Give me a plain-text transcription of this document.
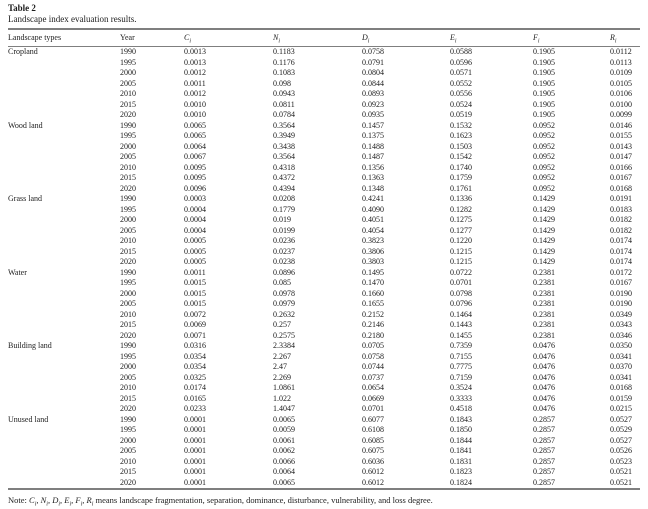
Table 2
Landscape index evaluation results.
Landscape types	Year	$C_i$	$N_i$	$D_i$	$E_i$	$F_i$	$R_i$
Cropland	1990	0.0013	0.1183	0.0758	0.0588	0.1905	0.0112
	1995	0.0013	0.1176	0.0791	0.0596	0.1905	0.0113
	2000	0.0012	0.1083	0.0804	0.0571	0.1905	0.0109
	2005	0.0011	0.098	0.0844	0.0552	0.1905	0.0105
	2010	0.0012	0.0943	0.0893	0.0556	0.1905	0.0106
	2015	0.0010	0.0811	0.0923	0.0524	0.1905	0.0100
	2020	0.0010	0.0784	0.0935	0.0519	0.1905	0.0099
Wood land	1990	0.0065	0.3564	0.1457	0.1532	0.0952	0.0146
	1995	0.0065	0.3949	0.1375	0.1623	0.0952	0.0155
	2000	0.0064	0.3438	0.1488	0.1503	0.0952	0.0143
	2005	0.0067	0.3564	0.1487	0.1542	0.0952	0.0147
	2010	0.0095	0.4318	0.1356	0.1740	0.0952	0.0166
	2015	0.0095	0.4372	0.1363	0.1759	0.0952	0.0167
	2020	0.0096	0.4394	0.1348	0.1761	0.0952	0.0168
Grass land	1990	0.0003	0.0208	0.4241	0.1336	0.1429	0.0191
	1995	0.0004	0.1779	0.4090	0.1282	0.1429	0.0183
	2000	0.0004	0.019	0.4051	0.1275	0.1429	0.0182
	2005	0.0004	0.0199	0.4054	0.1277	0.1429	0.0182
	2010	0.0005	0.0236	0.3823	0.1220	0.1429	0.0174
	2015	0.0005	0.0237	0.3806	0.1215	0.1429	0.0174
	2020	0.0005	0.0238	0.3803	0.1215	0.1429	0.0174
Water	1990	0.0011	0.0896	0.1495	0.0722	0.2381	0.0172
	1995	0.0015	0.085	0.1470	0.0701	0.2381	0.0167
	2000	0.0015	0.0978	0.1660	0.0798	0.2381	0.0190
	2005	0.0015	0.0979	0.1655	0.0796	0.2381	0.0190
	2010	0.0072	0.2632	0.2152	0.1464	0.2381	0.0349
	2015	0.0069	0.257	0.2146	0.1443	0.2381	0.0343
	2020	0.0071	0.2575	0.2180	0.1455	0.2381	0.0346
Building land	1990	0.0316	2.3384	0.0705	0.7359	0.0476	0.0350
	1995	0.0354	2.267	0.0758	0.7155	0.0476	0.0341
	2000	0.0354	2.47	0.0744	0.7775	0.0476	0.0370
	2005	0.0325	2.269	0.0737	0.7159	0.0476	0.0341
	2010	0.0174	1.0861	0.0654	0.3524	0.0476	0.0168
	2015	0.0165	1.022	0.0669	0.3333	0.0476	0.0159
	2020	0.0233	1.4047	0.0701	0.4518	0.0476	0.0215
Unused land	1990	0.0001	0.0065	0.6077	0.1843	0.2857	0.0527
	1995	0.0001	0.0059	0.6108	0.1850	0.2857	0.0529
	2000	0.0001	0.0061	0.6085	0.1844	0.2857	0.0527
	2005	0.0001	0.0062	0.6075	0.1841	0.2857	0.0526
	2010	0.0001	0.0066	0.6036	0.1831	0.2857	0.0523
	2015	0.0001	0.0064	0.6012	0.1823	0.2857	0.0521
	2020	0.0001	0.0065	0.6012	0.1824	0.2857	0.0521
Note: $C_i$, $N_i$, $D_i$, $E_i$, $F_i$, $R_i$ means landscape fragmentation, separation, dominance, disturbance, vulnerability, and loss degree.
